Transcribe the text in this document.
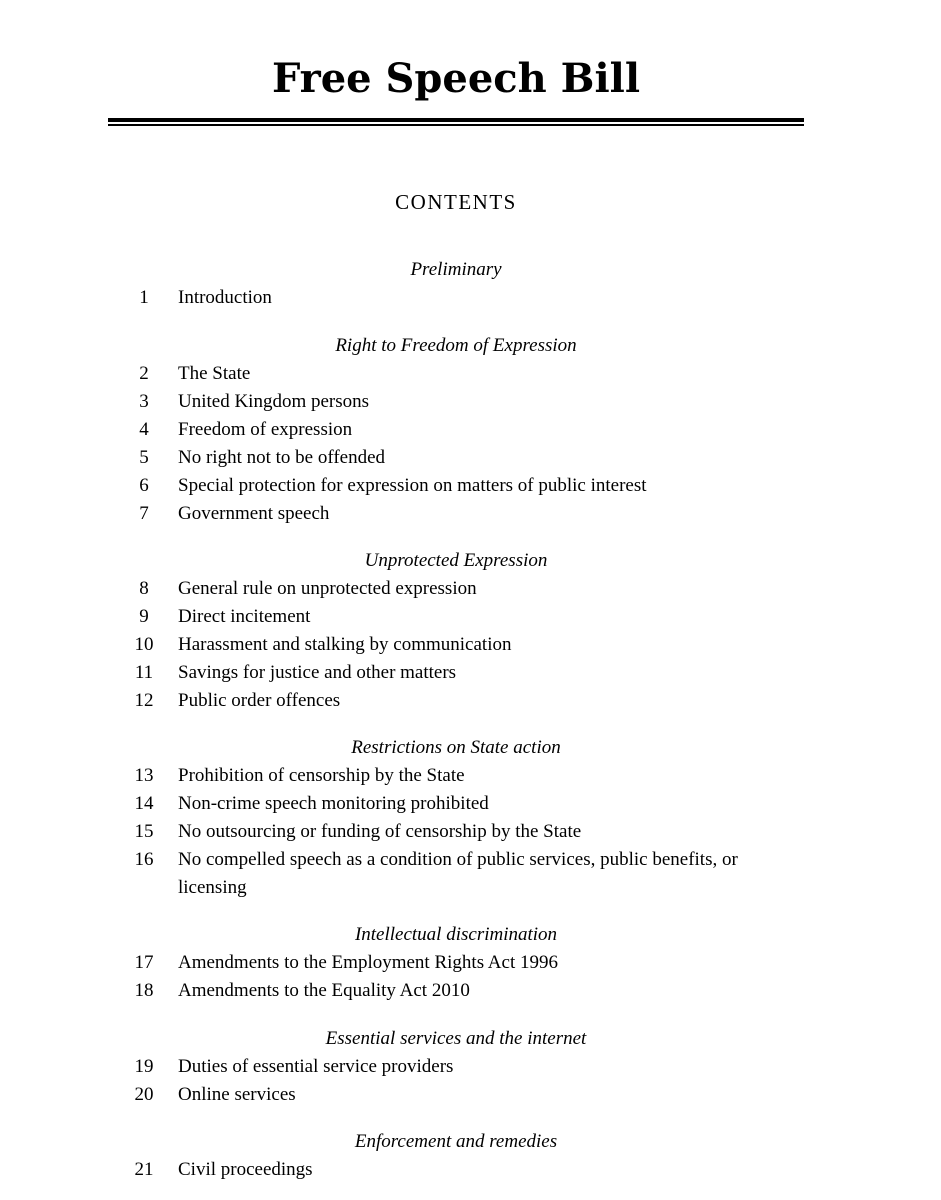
Free Speech Bill
CONTENTS
Preliminary
1	Introduction
Right to Freedom of Expression
2	The State
3	United Kingdom persons
4	Freedom of expression
5	No right not to be offended
6	Special protection for expression on matters of public interest
7	Government speech
Unprotected Expression
8	General rule on unprotected expression
9	Direct incitement
10 Harassment and stalking by communication
11 Savings for justice and other matters
12 Public order offences
Restrictions on State action
13 Prohibition of censorship by the State
14 Non-crime speech monitoring prohibited
15 No outsourcing or funding of censorship by the State
16 No compelled speech as a condition of public services, public benefits, or licensing
Intellectual discrimination
17 Amendments to the Employment Rights Act 1996
18 Amendments to the Equality Act 2010
Essential services and the internet
19 Duties of essential service providers
20 Online services
Enforcement and remedies
21 Civil proceedings
